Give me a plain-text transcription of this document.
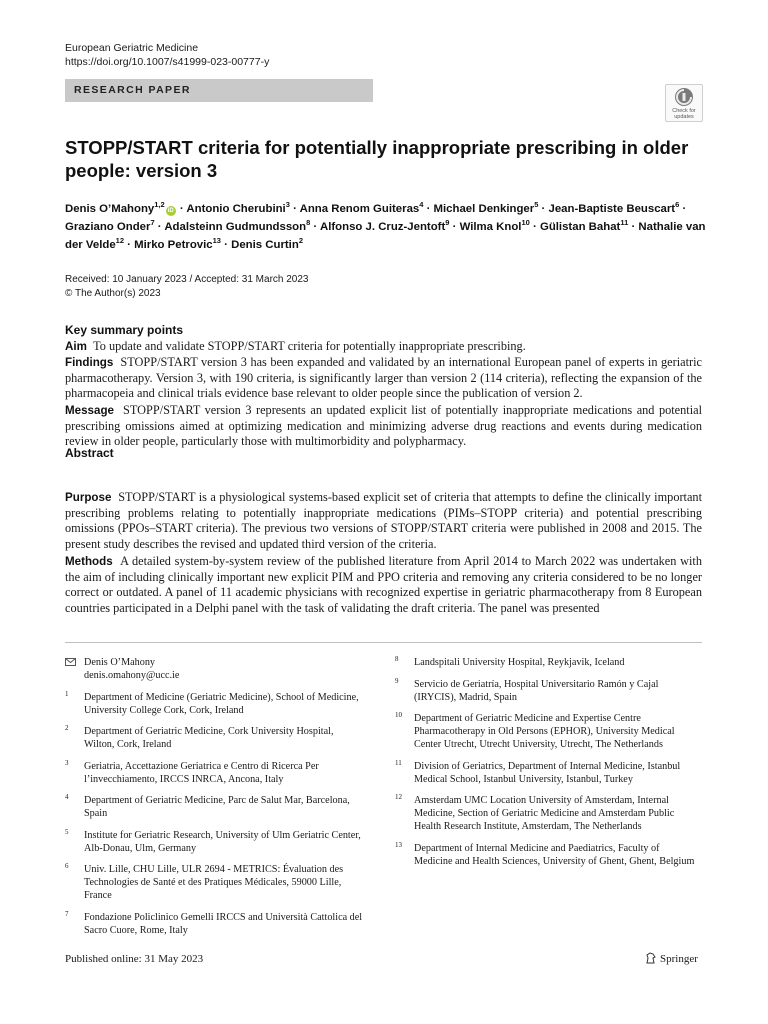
European Geriatric Medicine
https://doi.org/10.1007/s41999-023-00777-y
RESEARCH PAPER
Check for updates
STOPP/START criteria for potentially inappropriate prescribing in older people: version 3
Denis O’Mahony$^{1,2}$iD · Antonio Cherubini$^3$ · Anna Renom Guiteras$^4$ · Michael Denkinger$^5$ · Jean-Baptiste Beuscart$^6$ · Graziano Onder$^7$ · Adalsteinn Gudmundsson$^8$ · Alfonso J. Cruz-Jentoft$^9$ · Wilma Knol$^{10}$ · Gülistan Bahat$^{11}$ · Nathalie van der Velde$^{12}$ · Mirko Petrovic$^{13}$ · Denis Curtin$^2$
Received: 10 January 2023 / Accepted: 31 March 2023
© The Author(s) 2023
Key summary points

Aim To update and validate STOPP/START criteria for potentially inappropriate prescribing.

Findings STOPP/START version 3 has been expanded and validated by an international European panel of experts in geriatric pharmacotherapy. Version 3, with 190 criteria, is significantly larger than version 2 (114 criteria), reflecting the expansion of the pharmacopeia and clinical trials evidence base relevant to older people since the publication of version 2.

Message STOPP/START version 3 represents an updated explicit list of potentially inappropriate medications and potential prescribing omissions aimed at optimizing medication and minimizing adverse drug reactions and events during medication review in older people, particularly those with multimorbidity and polypharmacy.

Abstract

Purpose STOPP/START is a physiological systems-based explicit set of criteria that attempts to define the clinically important prescribing problems relating to potentially inappropriate medications (PIMs–STOPP criteria) and potential prescribing omissions (PPOs–START criteria). The previous two versions of STOPP/START criteria were published in 2008 and 2015. The present study describes the revised and updated third version of the criteria.

Methods A detailed system-by-system review of the published literature from April 2014 to March 2022 was undertaken with the aim of including clinically important new explicit PIM and PPO criteria and removing any criteria considered to be no longer correct or outdated. A panel of 11 academic physicians with recognized expertise in geriatric pharmacotherapy from 8 European countries participated in a Delphi panel with the task of validating the draft criteria. The panel was presented

Denis O’Mahony
denis.omahony@ucc.ie
1 Department of Medicine (Geriatric Medicine), School of Medicine, University College Cork, Cork, Ireland
2 Department of Geriatric Medicine, Cork University Hospital, Wilton, Cork, Ireland
3 Geriatria, Accettazione Geriatrica e Centro di Ricerca Per l’invecchiamento, IRCCS INRCA, Ancona, Italy
4 Department of Geriatric Medicine, Parc de Salut Mar, Barcelona, Spain
5 Institute for Geriatric Research, University of Ulm Geriatric Center, Alb-Donau, Ulm, Germany
6 Univ. Lille, CHU Lille, ULR 2694 - METRICS: Évaluation des Technologies de Santé et des Pratiques Médicales, 59000 Lille, France
7 Fondazione Policlinico Gemelli IRCCS and Università Cattolica del Sacro Cuore, Rome, Italy
8 Landspitali University Hospital, Reykjavik, Iceland
9 Servicio de Geriatría, Hospital Universitario Ramón y Cajal (IRYCIS), Madrid, Spain
10 Department of Geriatric Medicine and Expertise Centre Pharmacotherapy in Old Persons (EPHOR), University Medical Center Utrecht, Utrecht University, Utrecht, The Netherlands
11 Division of Geriatrics, Department of Internal Medicine, Istanbul Medical School, Istanbul University, Istanbul, Turkey
12 Amsterdam UMC Location University of Amsterdam, Internal Medicine, Section of Geriatric Medicine and Amsterdam Public Health Research Institute, Amsterdam, The Netherlands
13 Department of Internal Medicine and Paediatrics, Faculty of Medicine and Health Sciences, University of Ghent, Ghent, Belgium
Published online: 31 May 2023	Springer
